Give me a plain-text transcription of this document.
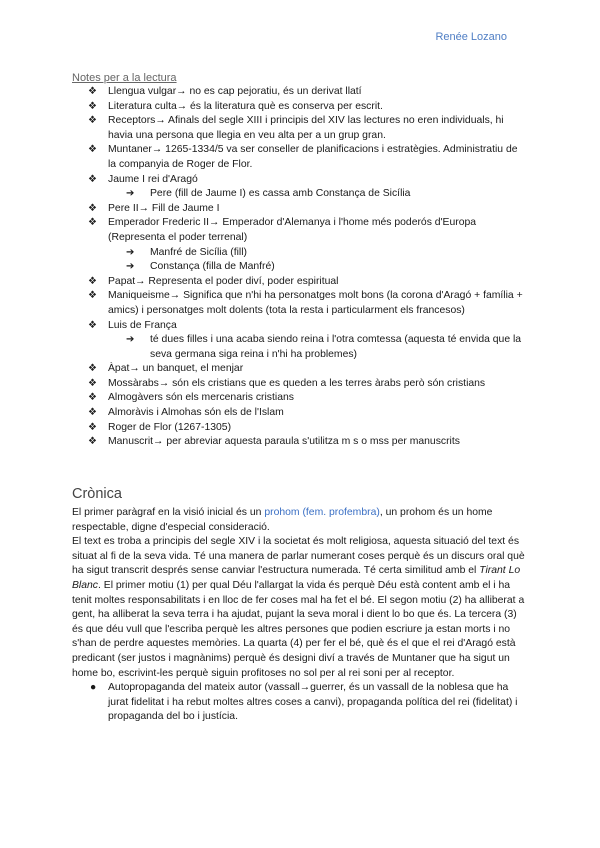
Renée Lozano
Notes per a la lectura
❖ Llengua vulgar→ no es cap pejoratiu, és un derivat llatí
❖ Literatura culta→ és la literatura què es conserva per escrit.
❖ Receptors→ Afinals del segle XIII i principis del XIV las lectures no eren individuals, hi havia una persona que llegia en veu alta per a un grup gran.
❖ Muntaner→ 1265-1334/5 va ser conseller de planificacions i estratègies. Administratiu de la companyia de Roger de Flor.
❖ Jaume I rei d'Aragó
➔ Pere (fill de Jaume I) es cassa amb Constança de Sicília
❖ Pere II→ Fill de Jaume I
❖ Emperador Frederic II→ Emperador d'Alemanya i l'home més poderós d'Europa (Representa el poder terrenal)
➔ Manfré de Sicília (fill)
➔ Constança (filla de Manfré)
❖ Papat→ Representa el poder diví, poder espiritual
❖ Maniqueisme→ Significa que n'hi ha personatges molt bons (la corona d'Aragó + família + amics) i personatges molt dolents (tota la resta i particularment els francesos)
❖ Luis de França
➔ té dues filles i una acaba siendo reina i l'otra comtessa (aquesta té envida que la seva germana siga reina i n'hi ha problemes)
❖ Àpat→ un banquet, el menjar
❖ Mossàrabs→ són els cristians que es queden a les terres àrabs però són cristians
❖ Almogàvers són els mercenaris cristians
❖ Almoràvis i Almohas són els de l'Islam
❖ Roger de Flor (1267-1305)
❖ Manuscrit→ per abreviar aquesta paraula s'utilitza m s o mss per manuscrits
Crònica

El primer paràgraf en la visió inicial és un prohom (fem. profembra), un prohom és un home respectable, digne d'especial consideració.

El text es troba a principis del segle XIV i la societat és molt religiosa, aquesta situació del text és situat al fi de la seva vida. Té una manera de parlar numerant coses perquè és un discurs oral què ha sigut transcrit després sense canviar l'estructura numerada. Té certa similitud amb el Tirant Lo Blanc. El primer motiu (1) per qual Déu l'allargat la vida és perquè Déu està content amb el i ha tenit moltes responsabilitats i en lloc de fer coses mal ha fet el bé. El segon motiu (2) ha alliberat a gent, ha alliberat la seva terra i ha ajudat, pujant la seva moral i dient lo bo que és. La tercera (3) és que déu vull que l'escriba perquè les altres persones que podien escriure ja estan morts i no s'han de perdre aquestes memòries. La quarta (4) per fer el bé, què és el que el rei d'Aragó està predicant (ser justos i magnànims) perquè és designi diví a través de Muntaner que ha sigut un home bo, escrivint-les perquè siguin profitoses no sol per al rei soni per al receptor.

● Autopropaganda del mateix autor (vassall→guerrer, és un vassall de la noblesa que ha jurat fidelitat i ha rebut moltes altres coses a canvi), propaganda política del rei (fidelitat) i propaganda del bo i justícia.
